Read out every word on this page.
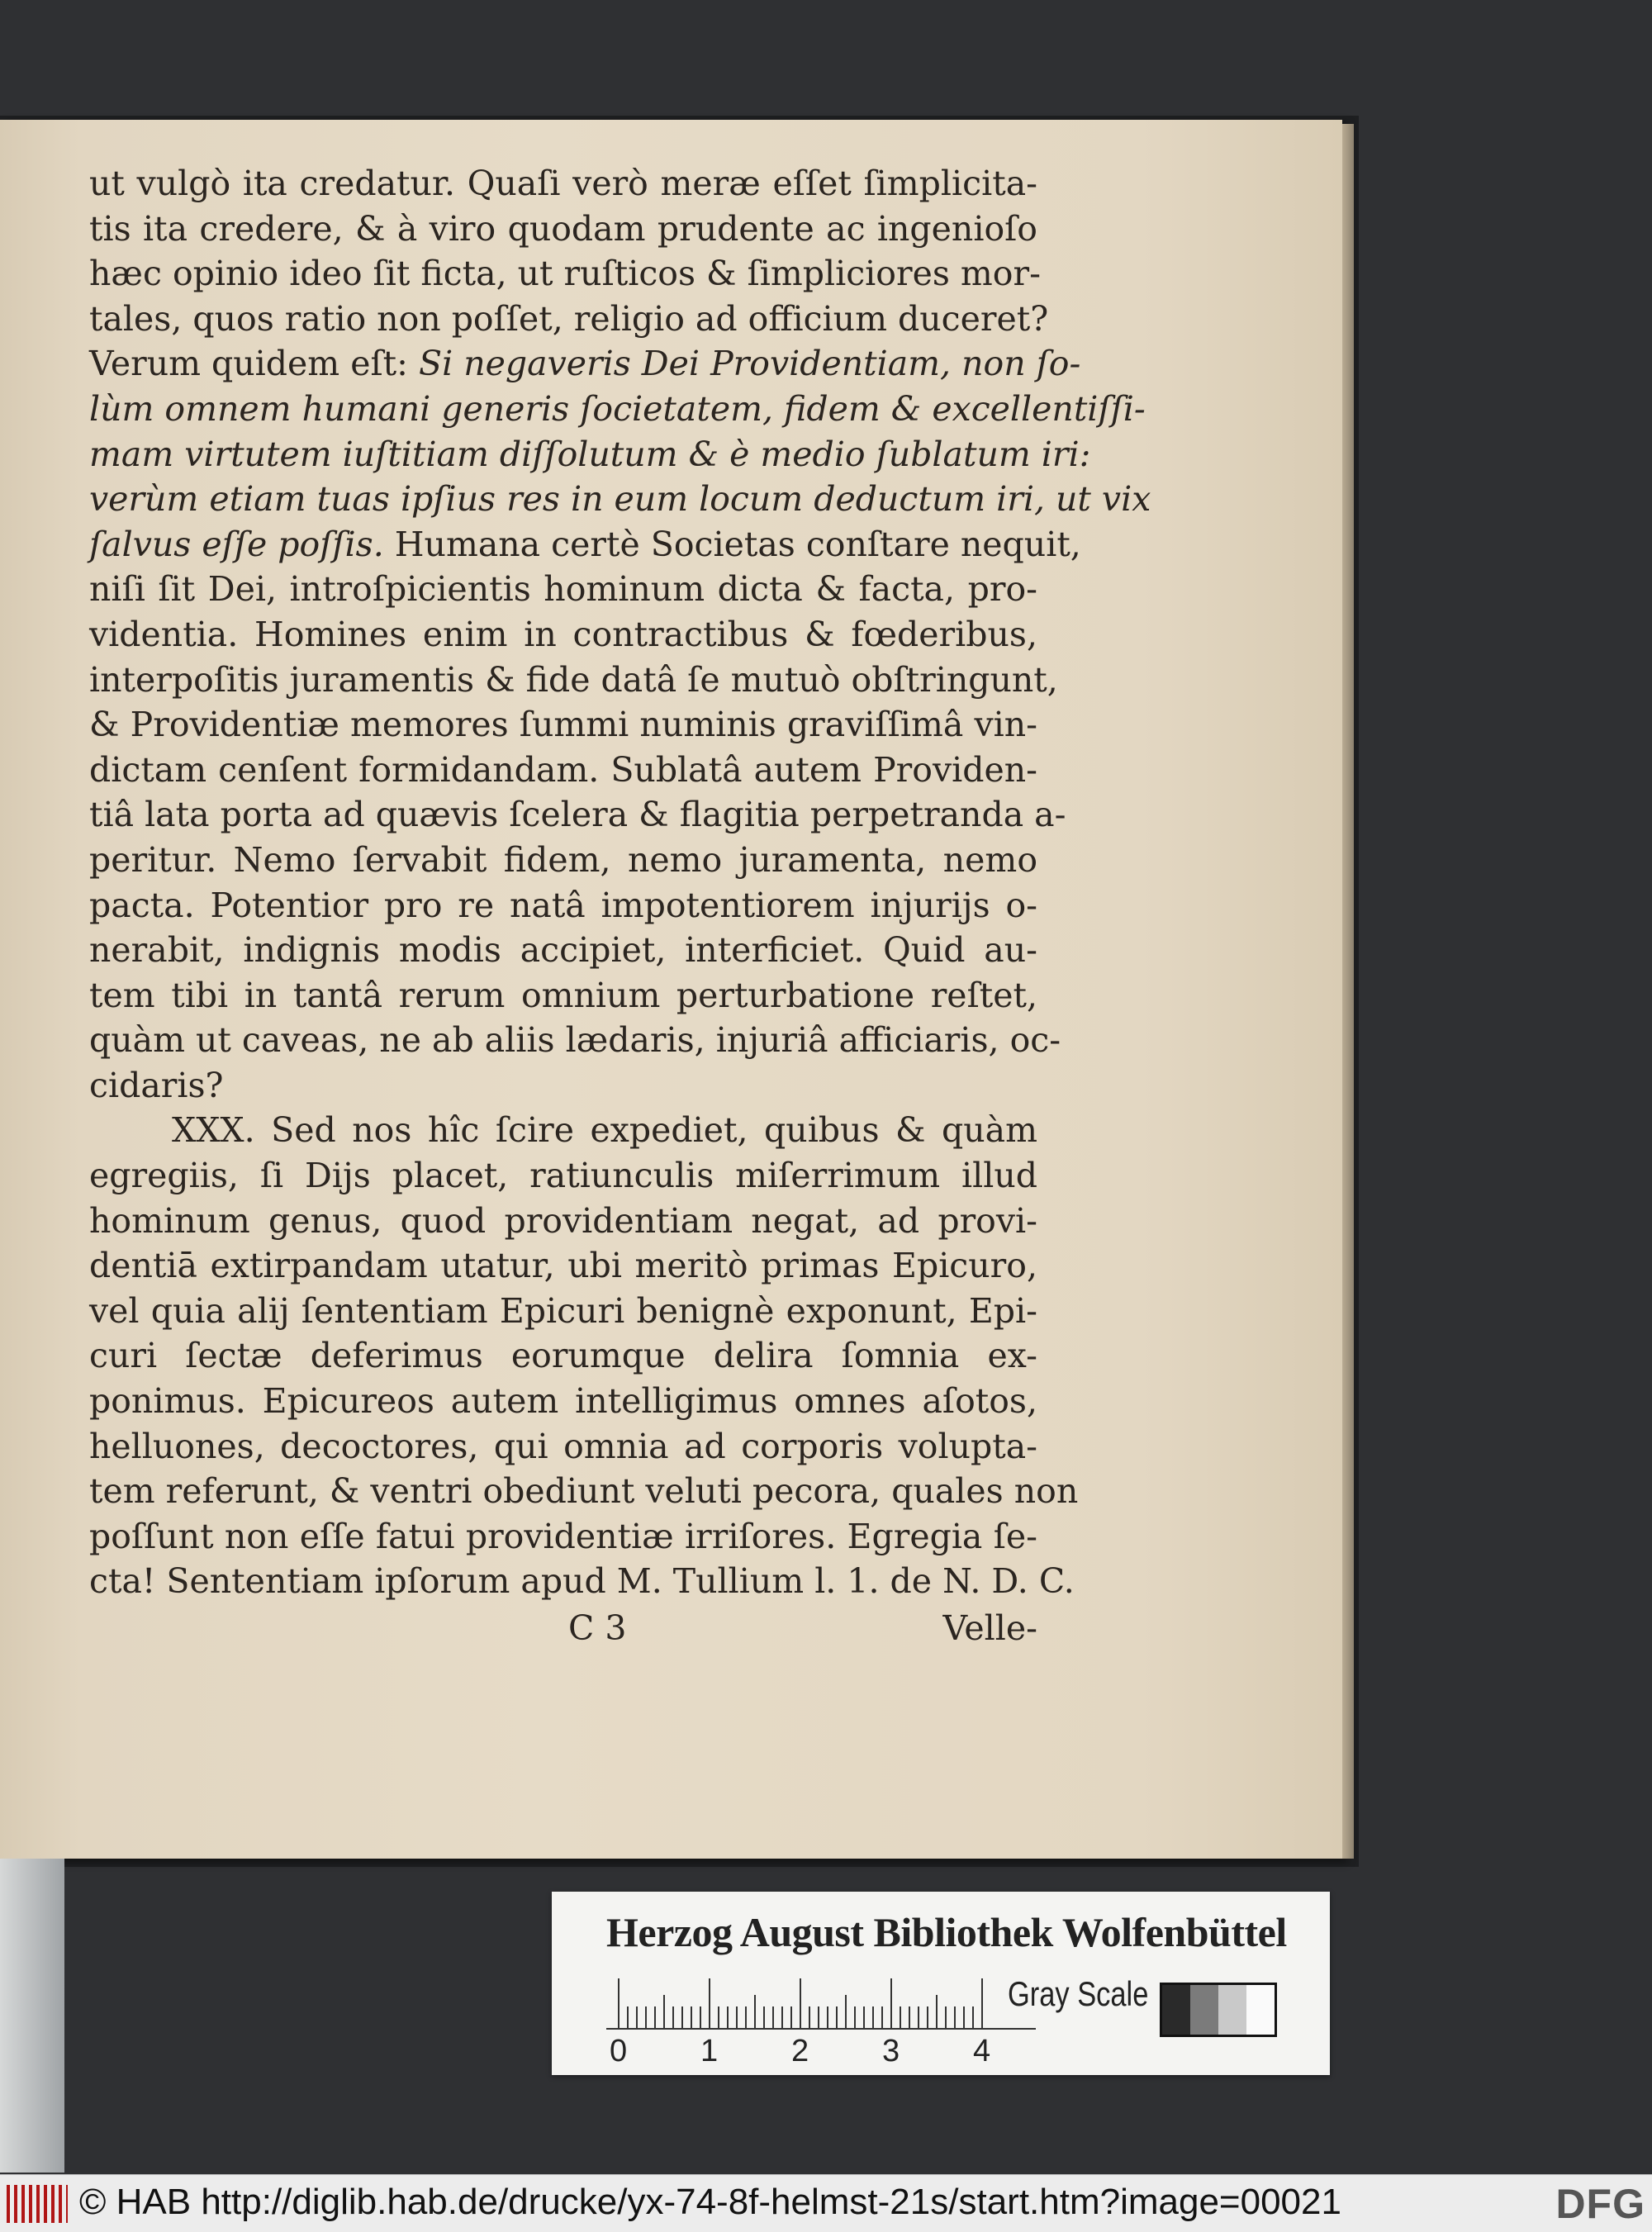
ut vulgò ita credatur. Quaſi verò meræ eſſet ſimplicita-
tis ita credere, & à viro quodam prudente ac ingenioſo
hæc opinio ideo ſit ficta, ut ruſticos & ſimpliciores mor-
tales, quos ratio non poſſet, religio ad officium duceret?
Verum quidem eſt: Si negaveris Dei Providentiam, non ſo-
lùm omnem humani generis ſocietatem, fidem & excellentiſſi-
mam virtutem iuſtitiam diſſolutum & è medio ſublatum iri:
verùm etiam tuas ipſius res in eum locum deductum iri, ut vix
ſalvus eſſe poſſis. Humana certè Societas conſtare nequit,
niſi ſit Dei, introſpicientis hominum dicta & facta, pro-
videntia. Homines enim in contractibus & fœderibus,
interpoſitis juramentis & fide datâ ſe mutuò obſtringunt,
& Providentiæ memores ſummi numinis graviſſimâ vin-
dictam cenſent formidandam. Sublatâ autem Providen-
tiâ lata porta ad quævis ſcelera & flagitia perpetranda a-
peritur. Nemo ſervabit fidem, nemo juramenta, nemo
pacta. Potentior pro re natâ impotentiorem injurijs o-
nerabit, indignis modis accipiet, interficiet. Quid au-
tem tibi in tantâ rerum omnium perturbatione reſtet,
quàm ut caveas, ne ab aliis lædaris, injuriâ afficiaris, oc-
cidaris?
XXX. Sed nos hîc ſcire expediet, quibus & quàm
egregiis, ſi Dijs placet, ratiunculis miſerrimum illud
hominum genus, quod providentiam negat, ad provi-
dentiā extirpandam utatur, ubi meritò primas Epicuro,
vel quia alij ſententiam Epicuri benignè exponunt, Epi-
curi ſectæ deferimus eorumque delira ſomnia ex-
ponimus. Epicureos autem intelligimus omnes aſotos,
helluones, decoctores, qui omnia ad corporis volupta-
tem referunt, & ventri obediunt veluti pecora, quales non
poſſunt non eſſe fatui providentiæ irriſores. Egregia ſe-
cta! Sententiam ipſorum apud M. Tullium l. 1. de N. D. C.
C 3	Velle-
Herzog August Bibliothek Wolfenbüttel
0 1 2 3 4
Gray Scale
© HAB http://diglib.hab.de/drucke/yx-74-8f-helmst-21s/start.htm?image=00021	DFG
